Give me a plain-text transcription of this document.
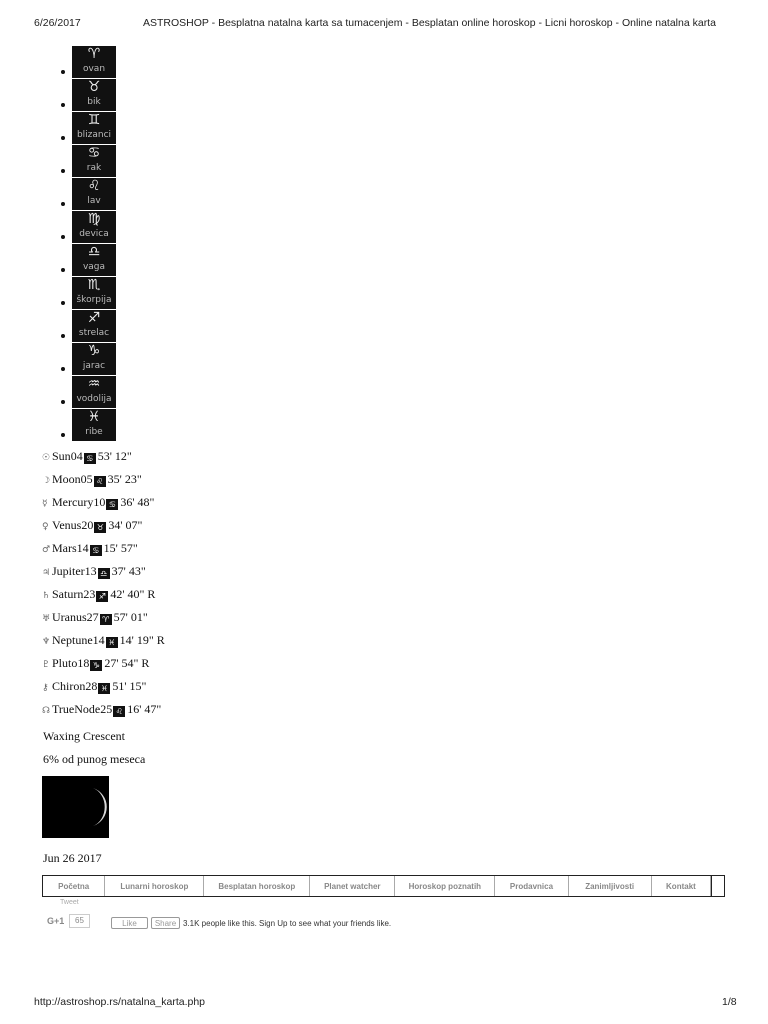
6/26/2017	ASTROSHOP - Besplatna natalna karta sa tumacenjem - Besplatan online horoskop - Licni horoskop - Online natalna karta
♈
ovan
♉
bik
♊
blizanci
♋
rak
♌
lav
♍
devica
♎
vaga
♏
škorpija
♐
strelac
♑
jarac
♒
vodolija
♓
ribe
☉ Sun04 ♋ 53' 12"
☽ Moon05 ♌ 35' 23"
☿ Mercury10 ♋ 36' 48"
♀ Venus20 ♉ 34' 07"
♂ Mars14 ♋ 15' 57"
♃ Jupiter13 ♎ 37' 43"
♄ Saturn23 ♐ 42' 40" R
♅ Uranus27 ♈ 57' 01"
♆ Neptune14 ♓ 14' 19" R
♇ Pluto18 ♑ 27' 54" R
⚷ Chiron28 ♓ 51' 15"
☊ TrueNode25 ♌ 16' 47"
Waxing Crescent
6% od punog meseca
Jun 26 2017
Početna	Lunarni horoskop	Besplatan horoskop	Planet watcher	Horoskop poznatih	Prodavnica	Zanimljivosti	Kontakt
Tweet
G+1	65	Like	Share 3.1K people like this. Sign Up to see what your friends like.
http://astroshop.rs/natalna_karta.php	1/8
